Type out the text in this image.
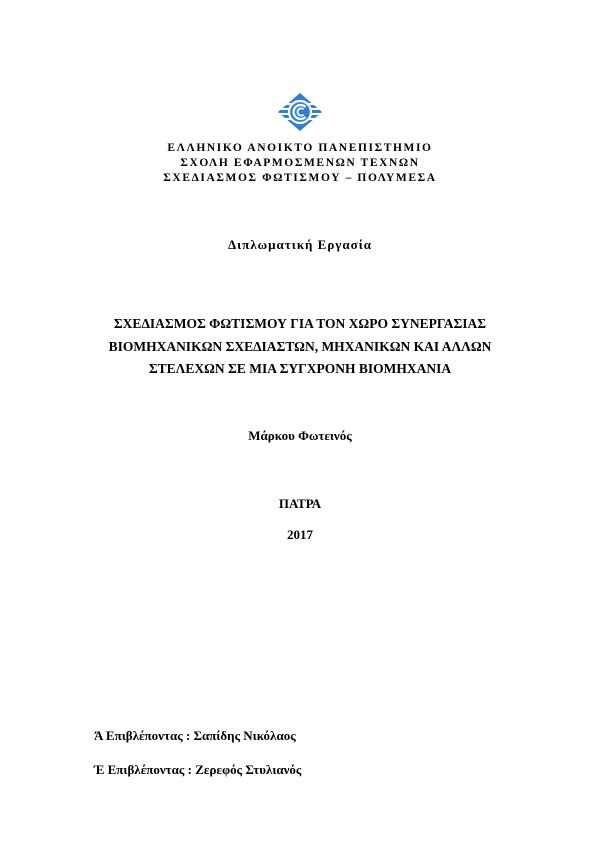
ΕΛΛΗΝΙΚΟ ΑΝΟΙΚΤΟ ΠΑΝΕΠΙΣΤΗΜΙΟ
ΣΧΟΛΗ ΕΦΑΡΜΟΣΜΕΝΩΝ ΤΕΧΝΩΝ
ΣΧΕΔΙΑΣΜΟΣ ΦΩΤΙΣΜΟΥ – ΠΟΛΥΜΕΣΑ
Διπλωματική Εργασία
ΣΧΕΔΙΑΣΜΟΣ ΦΩΤΙΣΜΟΥ ΓΙΑ ΤΟΝ ΧΩΡΟ ΣΥΝΕΡΓΑΣΙΑΣ
ΒΙΟΜΗΧΑΝΙΚΩΝ ΣΧΕΔΙΑΣΤΩΝ, ΜΗΧΑΝΙΚΩΝ ΚΑΙ ΑΛΛΩΝ
ΣΤΕΛΕΧΩΝ ΣΕ ΜΙΑ ΣΥΓΧΡΟΝΗ ΒΙΟΜΗΧΑΝΙΑ
Μάρκου Φωτεινός
ΠΑΤΡΑ
2017
Ά Επιβλέποντας : Σαπίδης Νικόλαος
Έ Επιβλέποντας : Ζερεφός Στυλιανός
